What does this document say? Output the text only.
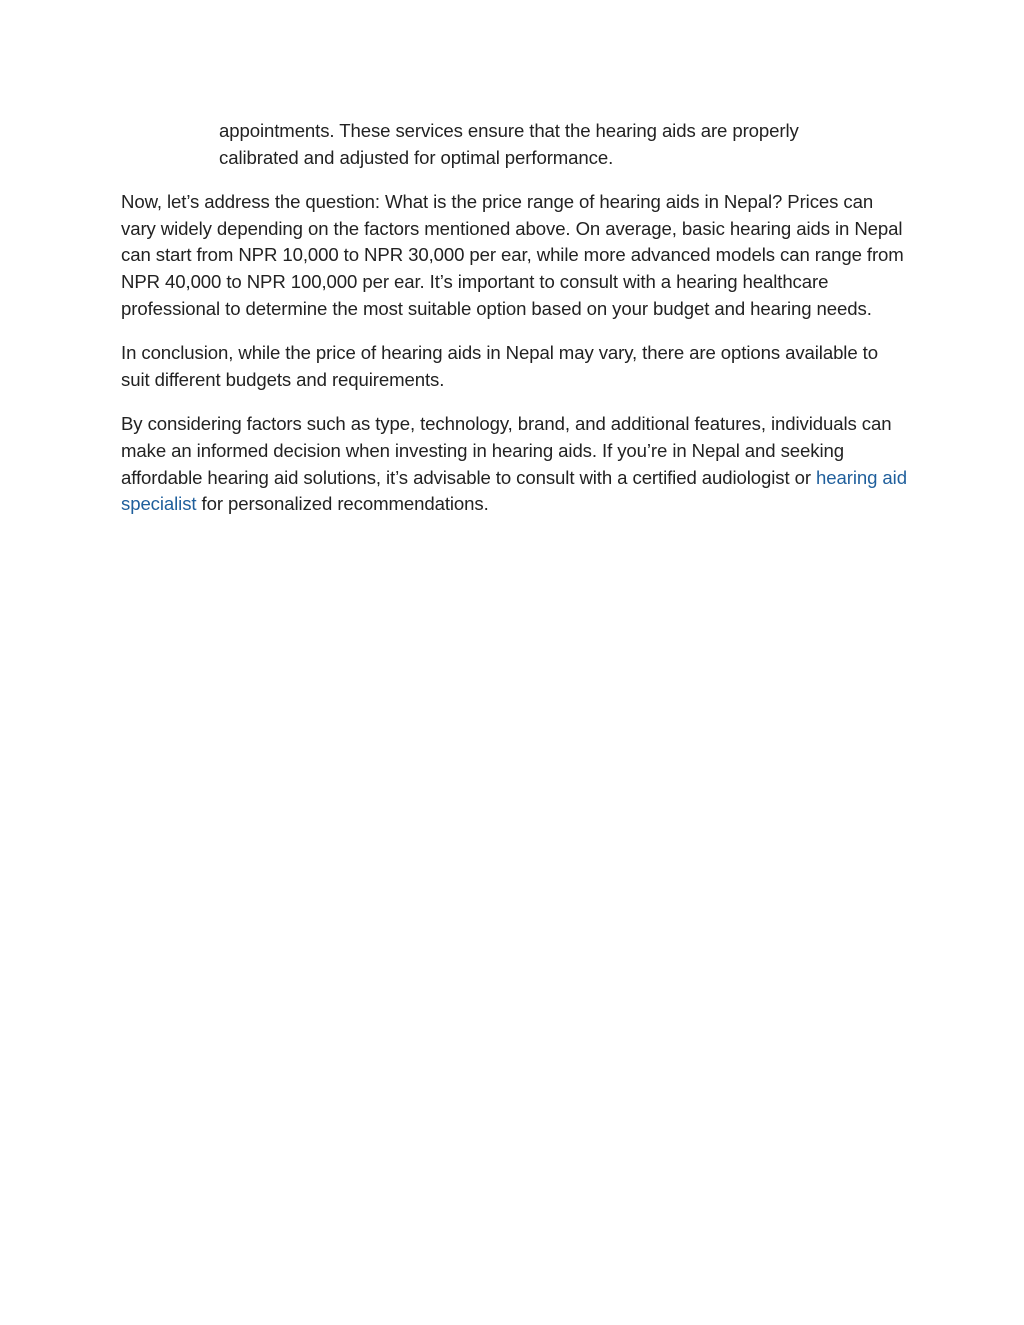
appointments. These services ensure that the hearing aids are properly calibrated and adjusted for optimal performance.

Now, let’s address the question: What is the price range of hearing aids in Nepal? Prices can vary widely depending on the factors mentioned above. On average, basic hearing aids in Nepal can start from NPR 10,000 to NPR 30,000 per ear, while more advanced models can range from NPR 40,000 to NPR 100,000 per ear. It’s important to consult with a hearing healthcare professional to determine the most suitable option based on your budget and hearing needs.

In conclusion, while the price of hearing aids in Nepal may vary, there are options available to suit different budgets and requirements.

By considering factors such as type, technology, brand, and additional features, individuals can make an informed decision when investing in hearing aids. If you’re in Nepal and seeking affordable hearing aid solutions, it’s advisable to consult with a certified audiologist or hearing aid specialist for personalized recommendations.
